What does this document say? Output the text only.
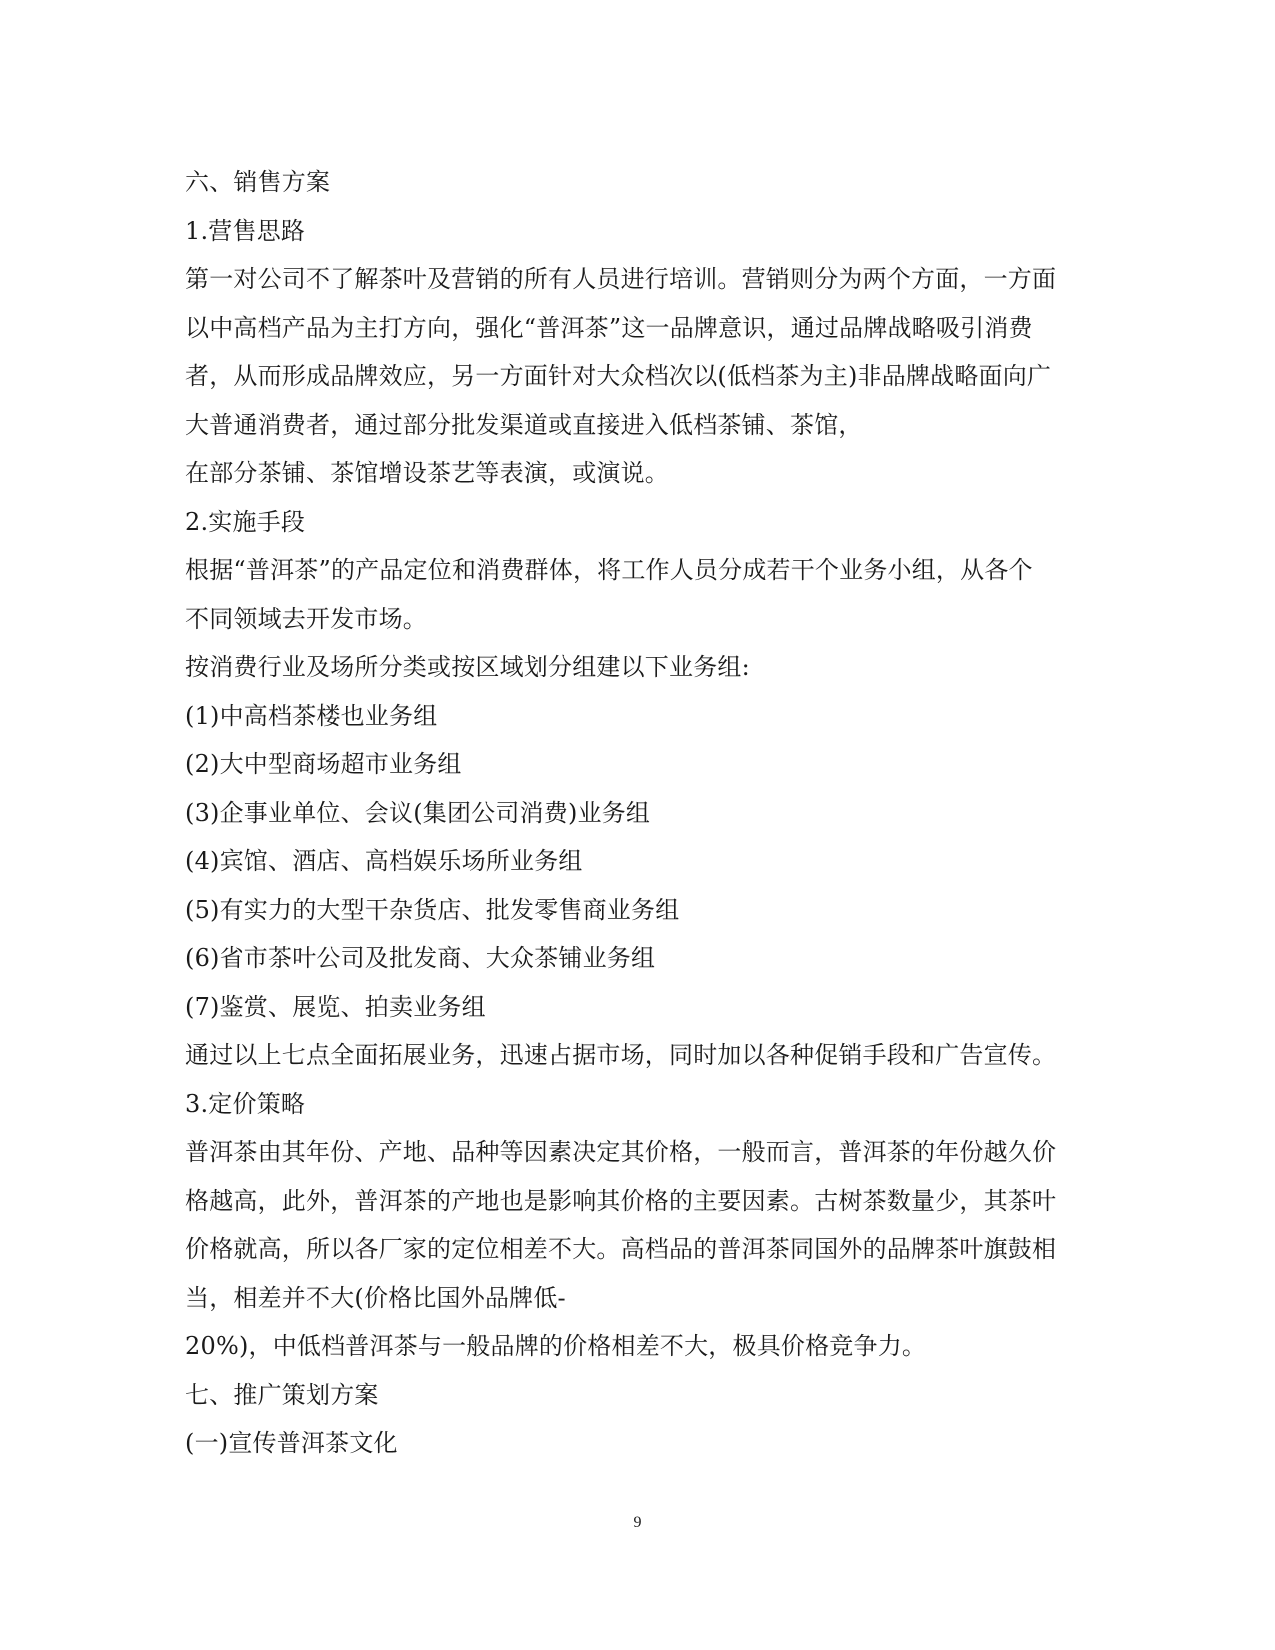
六、销售方案
1.营售思路
第一对公司不了解茶叶及营销的所有人员进行培训。营销则分为两个方面，一方面
以中高档产品为主打方向，强化“普洱茶”这一品牌意识，通过品牌战略吸引消费
者，从而形成品牌效应，另一方面针对大众档次以(低档茶为主)非品牌战略面向广
大普通消费者，通过部分批发渠道或直接进入低档茶铺、茶馆，
在部分茶铺、茶馆增设茶艺等表演，或演说。
2.实施手段
根据“普洱茶”的产品定位和消费群体，将工作人员分成若干个业务小组，从各个
不同领域去开发市场。
按消费行业及场所分类或按区域划分组建以下业务组:
(1)中高档茶楼也业务组
(2)大中型商场超市业务组
(3)企事业单位、会议(集团公司消费)业务组
(4)宾馆、酒店、高档娱乐场所业务组
(5)有实力的大型干杂货店、批发零售商业务组
(6)省市茶叶公司及批发商、大众茶铺业务组
(7)鉴赏、展览、拍卖业务组
通过以上七点全面拓展业务，迅速占据市场，同时加以各种促销手段和广告宣传。
3.定价策略
普洱茶由其年份、产地、品种等因素决定其价格，一般而言，普洱茶的年份越久价
格越高，此外，普洱茶的产地也是影响其价格的主要因素。古树茶数量少，其茶叶
价格就高，所以各厂家的定位相差不大。高档品的普洱茶同国外的品牌茶叶旗鼓相
当，相差并不大(价格比国外品牌低-
20%)，中低档普洱茶与一般品牌的价格相差不大，极具价格竞争力。
七、推广策划方案
(一)宣传普洱茶文化
9
